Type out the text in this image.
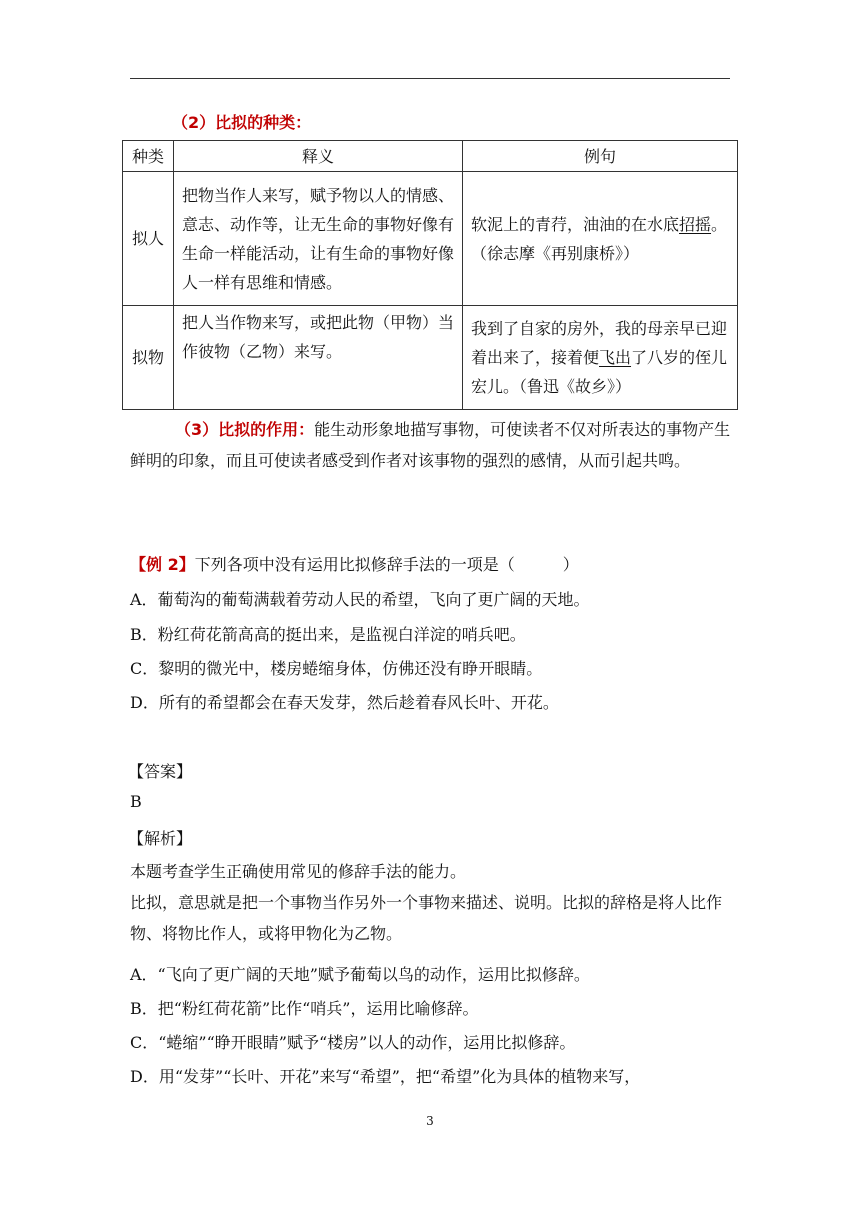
（2）比拟的种类：
种类	释义	例句
拟人	把物当作人来写，赋予物以人的情感、意志、动作等，让无生命的事物好像有生命一样能活动，让有生命的事物好像人一样有思维和情感。	软泥上的青荇，油油的在水底招摇。（徐志摩《再别康桥》）
拟物	把人当作物来写，或把此物（甲物）当作彼物（乙物）来写。	我到了自家的房外，我的母亲早已迎着出来了，接着便飞出了八岁的侄儿宏儿。（鲁迅《故乡》）
（3）比拟的作用：能生动形象地描写事物，可使读者不仅对所表达的事物产生鲜明的印象，而且可使读者感受到作者对该事物的强烈的感情，从而引起共鸣。
【例 2】下列各项中没有运用比拟修辞手法的一项是（　　　）
A．葡萄沟的葡萄满载着劳动人民的希望，飞向了更广阔的天地。
B．粉红荷花箭高高的挺出来，是监视白洋淀的哨兵吧。
C．黎明的微光中，楼房蜷缩身体，仿佛还没有睁开眼睛。
D．所有的希望都会在春天发芽，然后趁着春风长叶、开花。
【答案】
B
【解析】
本题考查学生正确使用常见的修辞手法的能力。
比拟，意思就是把一个事物当作另外一个事物来描述、说明。比拟的辞格是将人比作物、将物比作人，或将甲物化为乙物。
A．“飞向了更广阔的天地”赋予葡萄以鸟的动作，运用比拟修辞。
B．把“粉红荷花箭”比作“哨兵”，运用比喻修辞。
C．“蜷缩”“睁开眼睛”赋予“楼房”以人的动作，运用比拟修辞。
D．用“发芽”“长叶、开花”来写“希望”，把“希望”化为具体的植物来写，
3
